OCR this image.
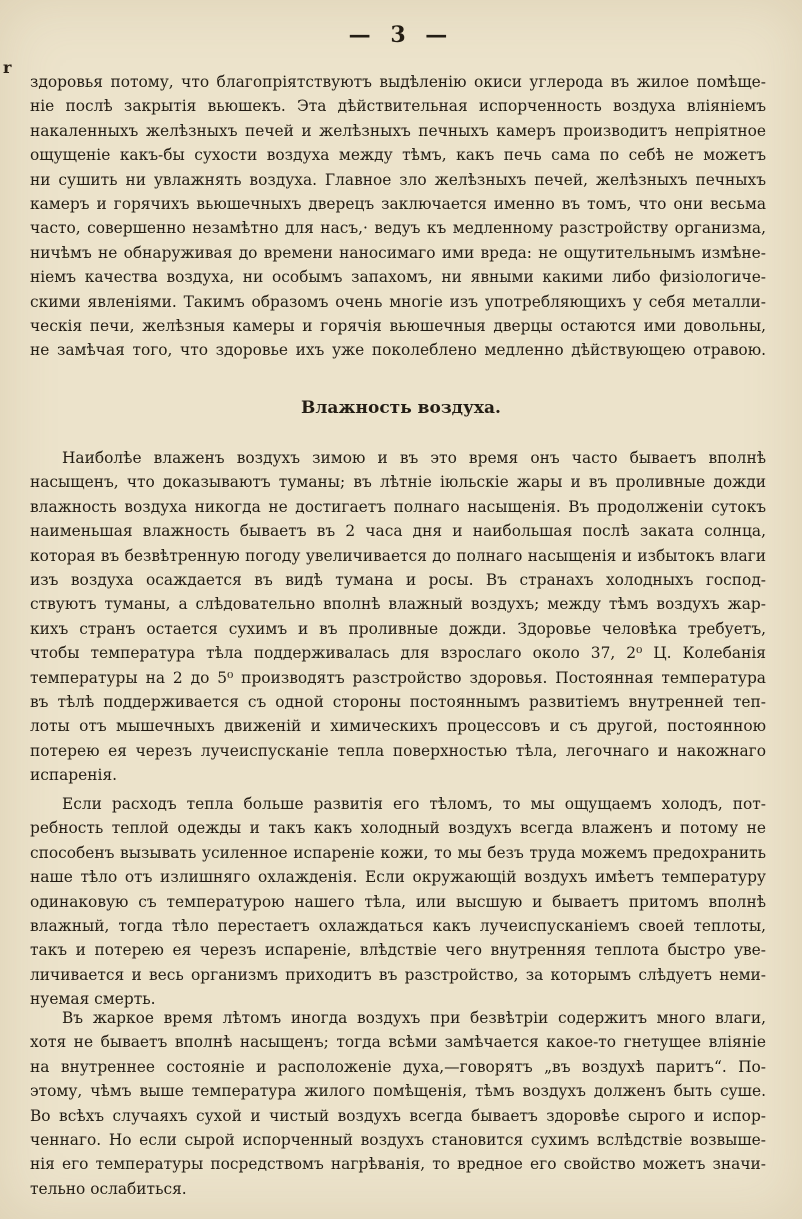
— 3 —
r
здоровья потому, что благопріятствуютъ выдѣленію окиси углерода въ жилое помѣще-
ніе послѣ закрытія вьюшекъ. Эта дѣйствительная испорченность воздуха вліяніемъ
накаленныхъ желѣзныхъ печей и желѣзныхъ печныхъ камеръ производитъ непріятное
ощущеніе какъ-бы сухости воздуха между тѣмъ, какъ печь сама по себѣ не можетъ
ни сушить ни увлажнять воздуха. Главное зло желѣзныхъ печей, желѣзныхъ печныхъ
камеръ и горячихъ вьюшечныхъ дверецъ заключается именно въ томъ, что они весьма
часто, совершенно незамѣтно для насъ,· ведуъ къ медленному разстройству организма,
ничѣмъ не обнаруживая до времени наносимаго ими вреда: не ощутительнымъ измѣне-
ніемъ качества воздуха, ни особымъ запахомъ, ни явными какими либо физіологиче-
скими явленіями. Такимъ образомъ очень многіе изъ употребляющихъ у себя металли-
ческія печи, желѣзныя камеры и горячія вьюшечныя дверцы остаются ими довольны,
не замѣчая того, что здоровье ихъ уже поколеблено медленно дѣйствующею отравою.
Влажность воздуха.
Наиболѣе влаженъ воздухъ зимою и въ это время онъ часто бываетъ вполнѣ
насыщенъ, что доказываютъ туманы; въ лѣтніе іюльскіе жары и въ проливные дожди
влажность воздуха никогда не достигаетъ полнаго насыщенія. Въ продолженіи сутокъ
наименьшая влажность бываетъ въ 2 часа дня и наибольшая послѣ заката солнца,
которая въ безвѣтренную погоду увеличивается до полнаго насыщенія и избытокъ влаги
изъ воздуха осаждается въ видѣ тумана и росы. Въ странахъ холодныхъ господ-
ствуютъ туманы, а слѣдовательно вполнѣ влажный воздухъ; между тѣмъ воздухъ жар-
кихъ странъ остается сухимъ и въ проливные дожди. Здоровье человѣка требуетъ,
чтобы температура тѣла поддерживалась для взрослаго около 37, 2⁰ Ц. Колебанія
температуры на 2 до 5⁰ производятъ разстройство здоровья. Постоянная температура
въ тѣлѣ поддерживается съ одной стороны постояннымъ развитіемъ внутренней теп-
лоты отъ мышечныхъ движеній и химическихъ процессовъ и съ другой, постоянною
потерею ея черезъ лучеиспусканіе тепла поверхностью тѣла, легочнаго и накожнаго
испаренія.
Если расходъ тепла больше развитія его тѣломъ, то мы ощущаемъ холодъ, пот-
ребность теплой одежды и такъ какъ холодный воздухъ всегда влаженъ и потому не
способенъ вызывать усиленное испареніе кожи, то мы безъ труда можемъ предохранить
наше тѣло отъ излишняго охлажденія. Если окружающій воздухъ имѣетъ температуру
одинаковую съ температурою нашего тѣла, или высшую и бываетъ притомъ вполнѣ
влажный, тогда тѣло перестаетъ охлаждаться какъ лучеиспусканіемъ своей теплоты,
такъ и потерею ея черезъ испареніе, влѣдствіе чего внутренняя теплота быстро уве-
личивается и весь организмъ приходитъ въ разстройство, за которымъ слѣдуетъ неми-
нуемая смерть.
Въ жаркое время лѣтомъ иногда воздухъ при безвѣтріи содержитъ много влаги,
хотя не бываетъ вполнѣ насыщенъ; тогда всѣми замѣчается какое-то гнетущее вліяніе
на внутреннее состояніе и расположеніе духа,—говорятъ „въ воздухѣ паритъ“. По-
этому, чѣмъ выше температура жилого помѣщенія, тѣмъ воздухъ долженъ быть суше.
Во всѣхъ случаяхъ сухой и чистый воздухъ всегда бываетъ здоровѣе сырого и испор-
ченнаго. Но если сырой испорченный воздухъ становится сухимъ вслѣдствіе возвыше-
нія его температуры посредствомъ нагрѣванія, то вредное его свойство можетъ значи-
тельно ослабиться.
